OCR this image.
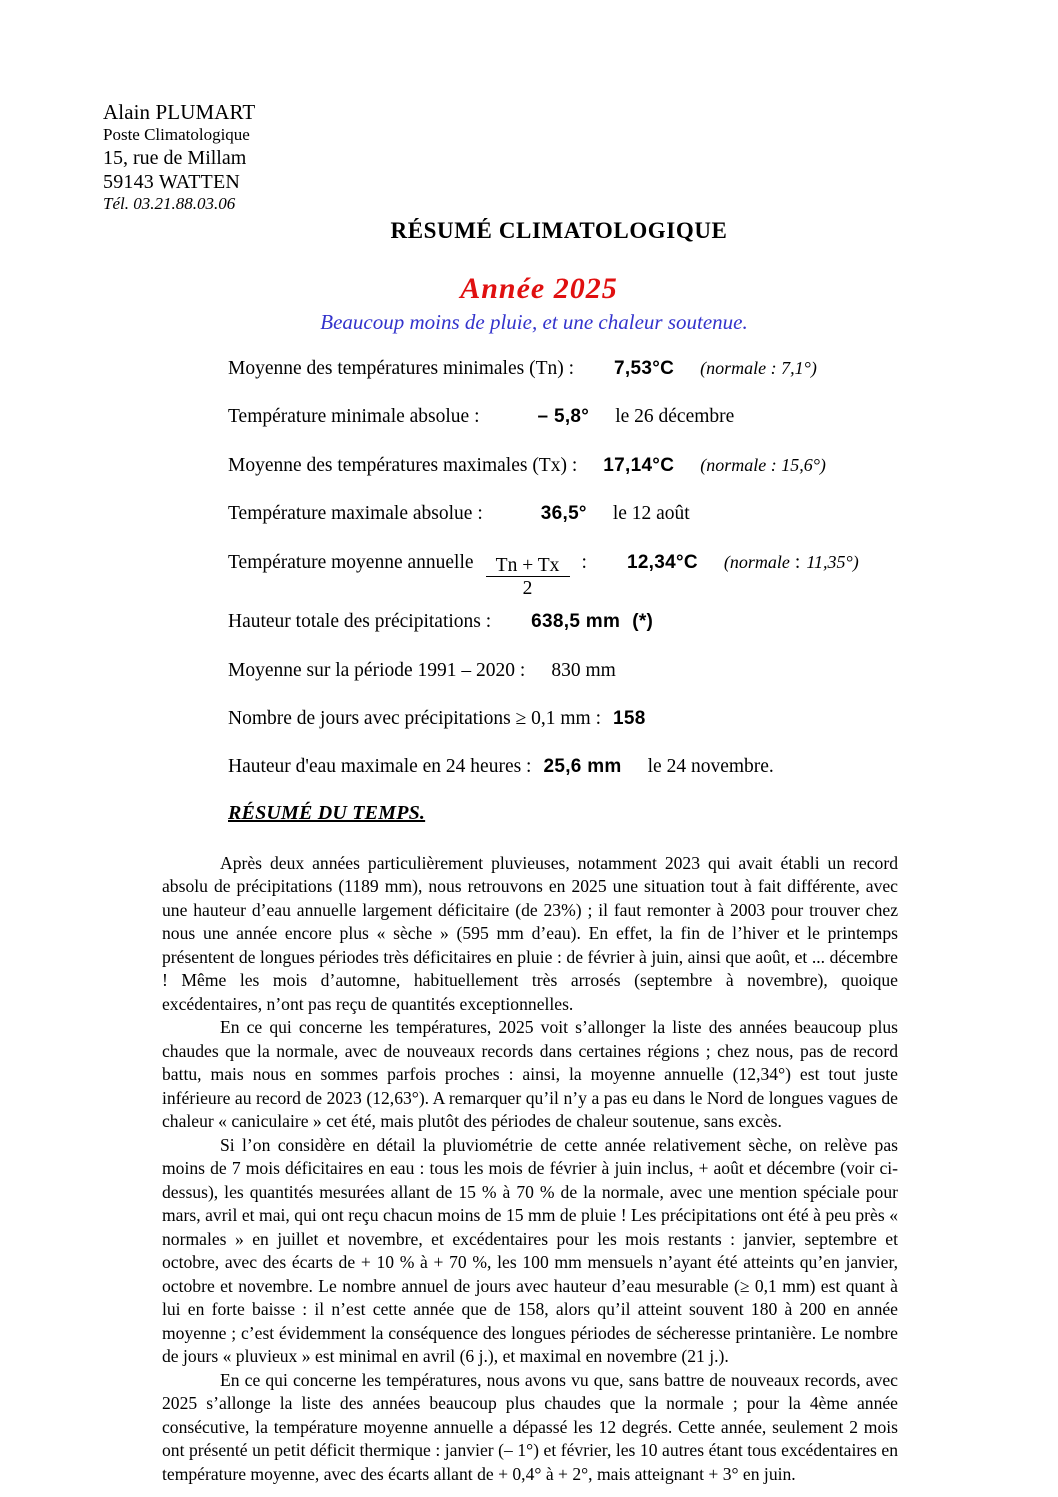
Alain PLUMART
Poste Climatologique
15, rue de Millam
59143 WATTEN
Tél. 03.21.88.03.06
RÉSUMÉ CLIMATOLOGIQUE
Année 2025
Beaucoup moins de pluie, et une chaleur soutenue.
Moyenne des températures minimales (Tn) : 7,53°C (normale : 7,1°)
Température minimale absolue :	– 5,8° le 26 décembre
Moyenne des températures maximales (Tx) : 17,14°C (normale : 15,6°)
Température maximale absolue :	36,5° le 12 août
Température moyenne annuelle $\frac{Tn + Tx}{2}$ : 12,34°C (normale : 11,35°)
Hauteur totale des précipitations : 638,5 mm (*)
Moyenne sur la période 1991 – 2020 : 830 mm
Nombre de jours avec précipitations ≥ 0,1 mm : 158
Hauteur d'eau maximale en 24 heures : 25,6 mm le 24 novembre.
RÉSUMÉ DU TEMPS.

Après deux années particulièrement pluvieuses, notamment 2023 qui avait établi un record absolu de précipitations (1189 mm), nous retrouvons en 2025 une situation tout à fait différente, avec une hauteur d’eau annuelle largement déficitaire (de 23%) ; il faut remonter à 2003 pour trouver chez nous une année encore plus « sèche » (595 mm d’eau). En effet, la fin de l’hiver et le printemps présentent de longues périodes très déficitaires en pluie : de février à juin, ainsi que août, et ... décembre ! Même les mois d’automne, habituellement très arrosés (septembre à novembre), quoique excédentaires, n’ont pas reçu de quantités exceptionnelles.

En ce qui concerne les températures, 2025 voit s’allonger la liste des années beaucoup plus chaudes que la normale, avec de nouveaux records dans certaines régions ; chez nous, pas de record battu, mais nous en sommes parfois proches : ainsi, la moyenne annuelle (12,34°) est tout juste inférieure au record de 2023 (12,63°). A remarquer qu’il n’y a pas eu dans le Nord de longues vagues de chaleur « caniculaire » cet été, mais plutôt des périodes de chaleur soutenue, sans excès.

Si l’on considère en détail la pluviométrie de cette année relativement sèche, on relève pas moins de 7 mois déficitaires en eau : tous les mois de février à juin inclus, + août et décembre (voir ci-dessus), les quantités mesurées allant de 15 % à 70 % de la normale, avec une mention spéciale pour mars, avril et mai, qui ont reçu chacun moins de 15 mm de pluie ! Les précipitations ont été à peu près « normales » en juillet et novembre, et excédentaires pour les mois restants : janvier, septembre et octobre, avec des écarts de + 10 % à + 70 %, les 100 mm mensuels n’ayant été atteints qu’en janvier, octobre et novembre. Le nombre annuel de jours avec hauteur d’eau mesurable (≥ 0,1 mm) est quant à lui en forte baisse : il n’est cette année que de 158, alors qu’il atteint souvent 180 à 200 en année moyenne ; c’est évidemment la conséquence des longues périodes de sécheresse printanière. Le nombre de jours « pluvieux » est minimal en avril (6 j.), et maximal en novembre (21 j.).

En ce qui concerne les températures, nous avons vu que, sans battre de nouveaux records, avec 2025 s’allonge la liste des années beaucoup plus chaudes que la normale ; pour la 4ème année consécutive, la température moyenne annuelle a dépassé les 12 degrés. Cette année, seulement 2 mois ont présenté un petit déficit thermique : janvier (– 1°) et février, les 10 autres étant tous excédentaires en température moyenne, avec des écarts allant de + 0,4° à + 2°, mais atteignant + 3° en juin.
